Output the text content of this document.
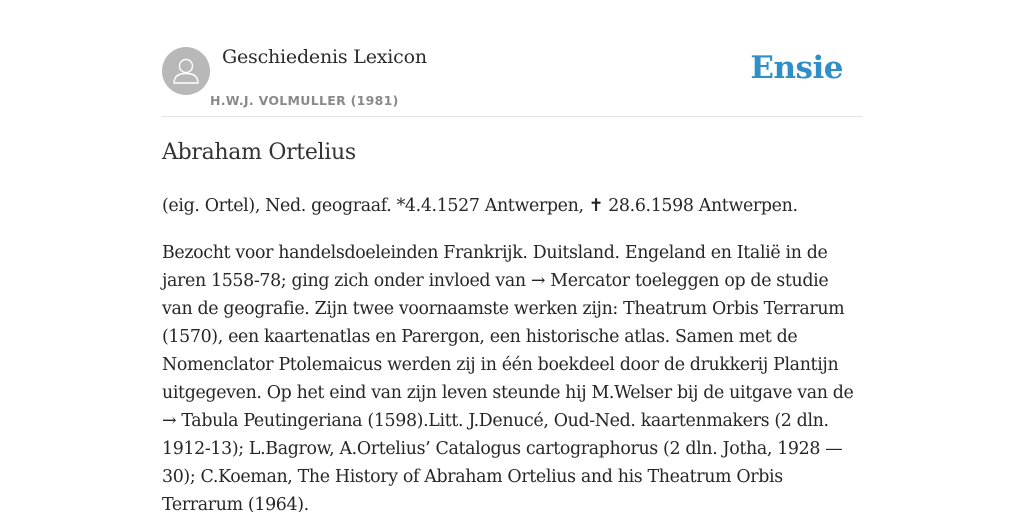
Geschiedenis Lexicon
H.W.J. VOLMULLER (1981)
Ensie
Abraham Ortelius

(eig. Ortel), Ned. geograaf. *4.4.1527 Antwerpen, ✝ 28.6.1598 Antwerpen.

Bezocht voor handelsdoeleinden Frankrijk. Duitsland. Engeland en Italië in de
jaren 1558-78; ging zich onder invloed van → Mercator toeleggen op de studie
van de geografie. Zijn twee voornaamste werken zijn: Theatrum Orbis Terrarum
(1570), een kaartenatlas en Parergon, een historische atlas. Samen met de
Nomenclator Ptolemaicus werden zij in één boekdeel door de drukkerij Plantijn
uitgegeven. Op het eind van zijn leven steunde hij M.Welser bij de uitgave van de
→ Tabula Peutingeriana (1598).Litt. J.Denucé, Oud-Ned. kaartenmakers (2 dln.
1912-13); L.Bagrow, A.Ortelius’ Catalogus cartographorus (2 dln. Jotha, 1928 —
30); C.Koeman, The History of Abraham Ortelius and his Theatrum Orbis
Terrarum (1964).
